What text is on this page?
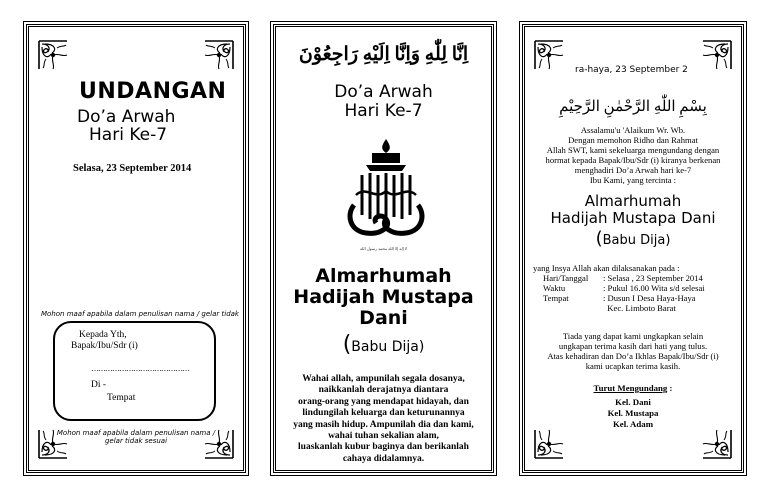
UNDANGAN
Do’a Arwah
Hari Ke-7
Selasa, 23 September 2014
Mohon maaf apabila dalam penulisan nama / gelar tidak
Kepada Yth,
Bapak/Ibu/Sdr (i)
……………………………………
Di -
Tempat
Mohon maaf apabila dalam penulisan nama /
gelar tidak sesuai
اِنَّا لِلّٰهِ وَاِنَّا اِلَيْهِ رَاجِعُوْنَ
Do’a Arwah
Hari Ke-7
لا إله إلا الله محمد رسول الله
Almarhumah
Hadijah Mustapa
Dani
(Babu Dija)
Wahai allah, ampunilah segala dosanya,
naikkanlah derajatnya diantara
orang-orang yang mendapat hidayah, dan
lindungilah keluarga dan keturunannya
yang masih hidup. Ampunilah dia dan kami,
wahai tuhan sekalian alam,
luaskanlah kubur baginya dan berikanlah
cahaya didalamnya.
ra-haya, 23 September 2
بِسْمِ اللّٰهِ الرَّحْمٰنِ الرَّحِيْمِ
Assalamu'u 'Alaikum Wr. Wb.
Dengan memohon Ridho dan Rahmat
Allah SWT, kami sekeluarga mengundang dengan
hormat kepada Bapak/Ibu/Sdr (i) kiranya berkenan
menghadiri Do’a Arwah hari ke-7
Ibu Kami, yang tercinta :
Almarhumah
Hadijah Mustapa Dani
(Babu Dija)
yang Insya Allah akan dilaksanakan pada :
Hari/Tanggal	: Selasa , 23 September 2014
Waktu	: Pukul 16.00 Wita s/d selesai
Tempat	: Dusun I Desa Haya-Haya
Kec. Limboto Barat
Tiada yang dapat kami ungkapkan selain
ungkapan terima kasih dari hati yang tulus.
Atas kehadiran dan Do’a Ikhlas Bapak/Ibu/Sdr (i)
kami ucapkan terima kasih.
Turut Mengundang :
Kel. Dani
Kel. Mustapa
Kel. Adam
